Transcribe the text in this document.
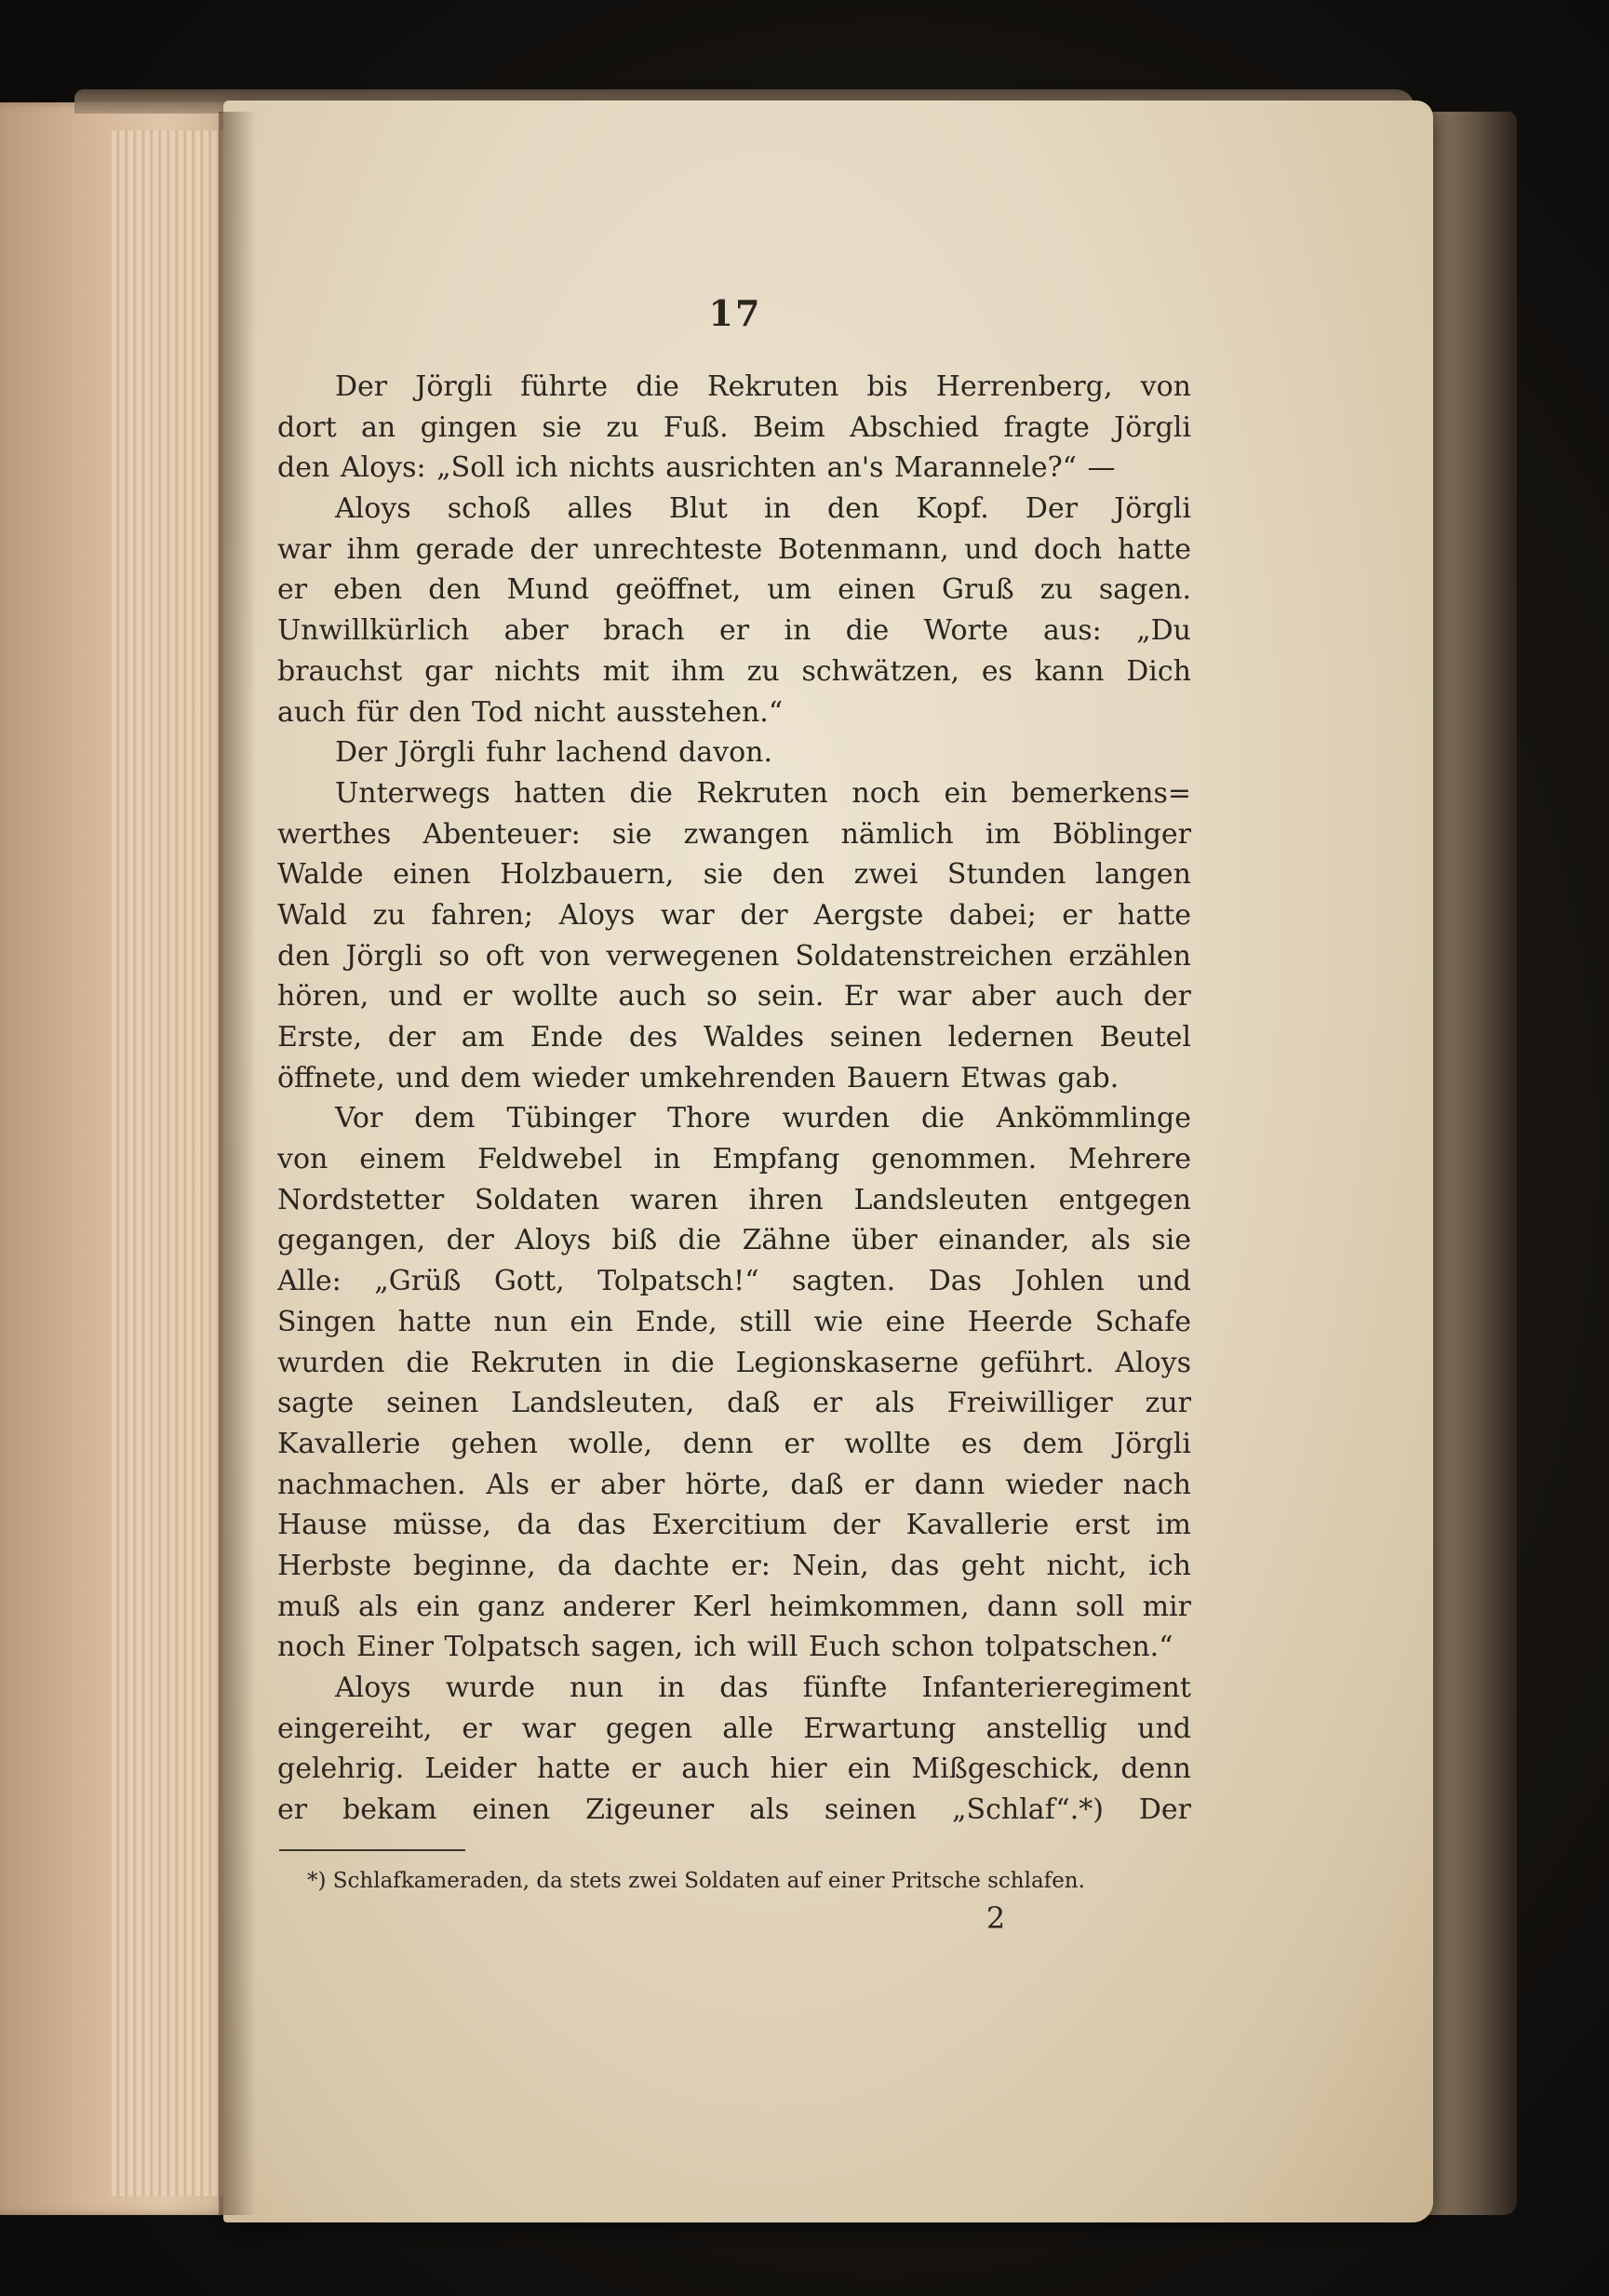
17
Der Jörgli führte die Rekruten bis Herrenberg, von
dort an gingen sie zu Fuß. Beim Abschied fragte Jörgli
den Aloys: „Soll ich nichts ausrichten an's Marannele?“ —
Aloys schoß alles Blut in den Kopf. Der Jörgli
war ihm gerade der unrechteste Botenmann, und doch hatte
er eben den Mund geöffnet, um einen Gruß zu sagen.
Unwillkürlich aber brach er in die Worte aus: „Du
brauchst gar nichts mit ihm zu schwätzen, es kann Dich
auch für den Tod nicht ausstehen.“
Der Jörgli fuhr lachend davon.
Unterwegs hatten die Rekruten noch ein bemerkens=
werthes Abenteuer: sie zwangen nämlich im Böblinger
Walde einen Holzbauern, sie den zwei Stunden langen
Wald zu fahren; Aloys war der Aergste dabei; er hatte
den Jörgli so oft von verwegenen Soldatenstreichen erzählen
hören, und er wollte auch so sein. Er war aber auch der
Erste, der am Ende des Waldes seinen ledernen Beutel
öffnete, und dem wieder umkehrenden Bauern Etwas gab.
Vor dem Tübinger Thore wurden die Ankömmlinge
von einem Feldwebel in Empfang genommen. Mehrere
Nordstetter Soldaten waren ihren Landsleuten entgegen
gegangen, der Aloys biß die Zähne über einander, als sie
Alle: „Grüß Gott, Tolpatsch!“ sagten. Das Johlen und
Singen hatte nun ein Ende, still wie eine Heerde Schafe
wurden die Rekruten in die Legionskaserne geführt. Aloys
sagte seinen Landsleuten, daß er als Freiwilliger zur
Kavallerie gehen wolle, denn er wollte es dem Jörgli
nachmachen. Als er aber hörte, daß er dann wieder nach
Hause müsse, da das Exercitium der Kavallerie erst im
Herbste beginne, da dachte er: Nein, das geht nicht, ich
muß als ein ganz anderer Kerl heimkommen, dann soll mir
noch Einer Tolpatsch sagen, ich will Euch schon tolpatschen.“
Aloys wurde nun in das fünfte Infanterieregiment
eingereiht, er war gegen alle Erwartung anstellig und
gelehrig. Leider hatte er auch hier ein Mißgeschick, denn
er bekam einen Zigeuner als seinen „Schlaf“.*) Der
*) Schlafkameraden, da stets zwei Soldaten auf einer Pritsche schlafen.
2
